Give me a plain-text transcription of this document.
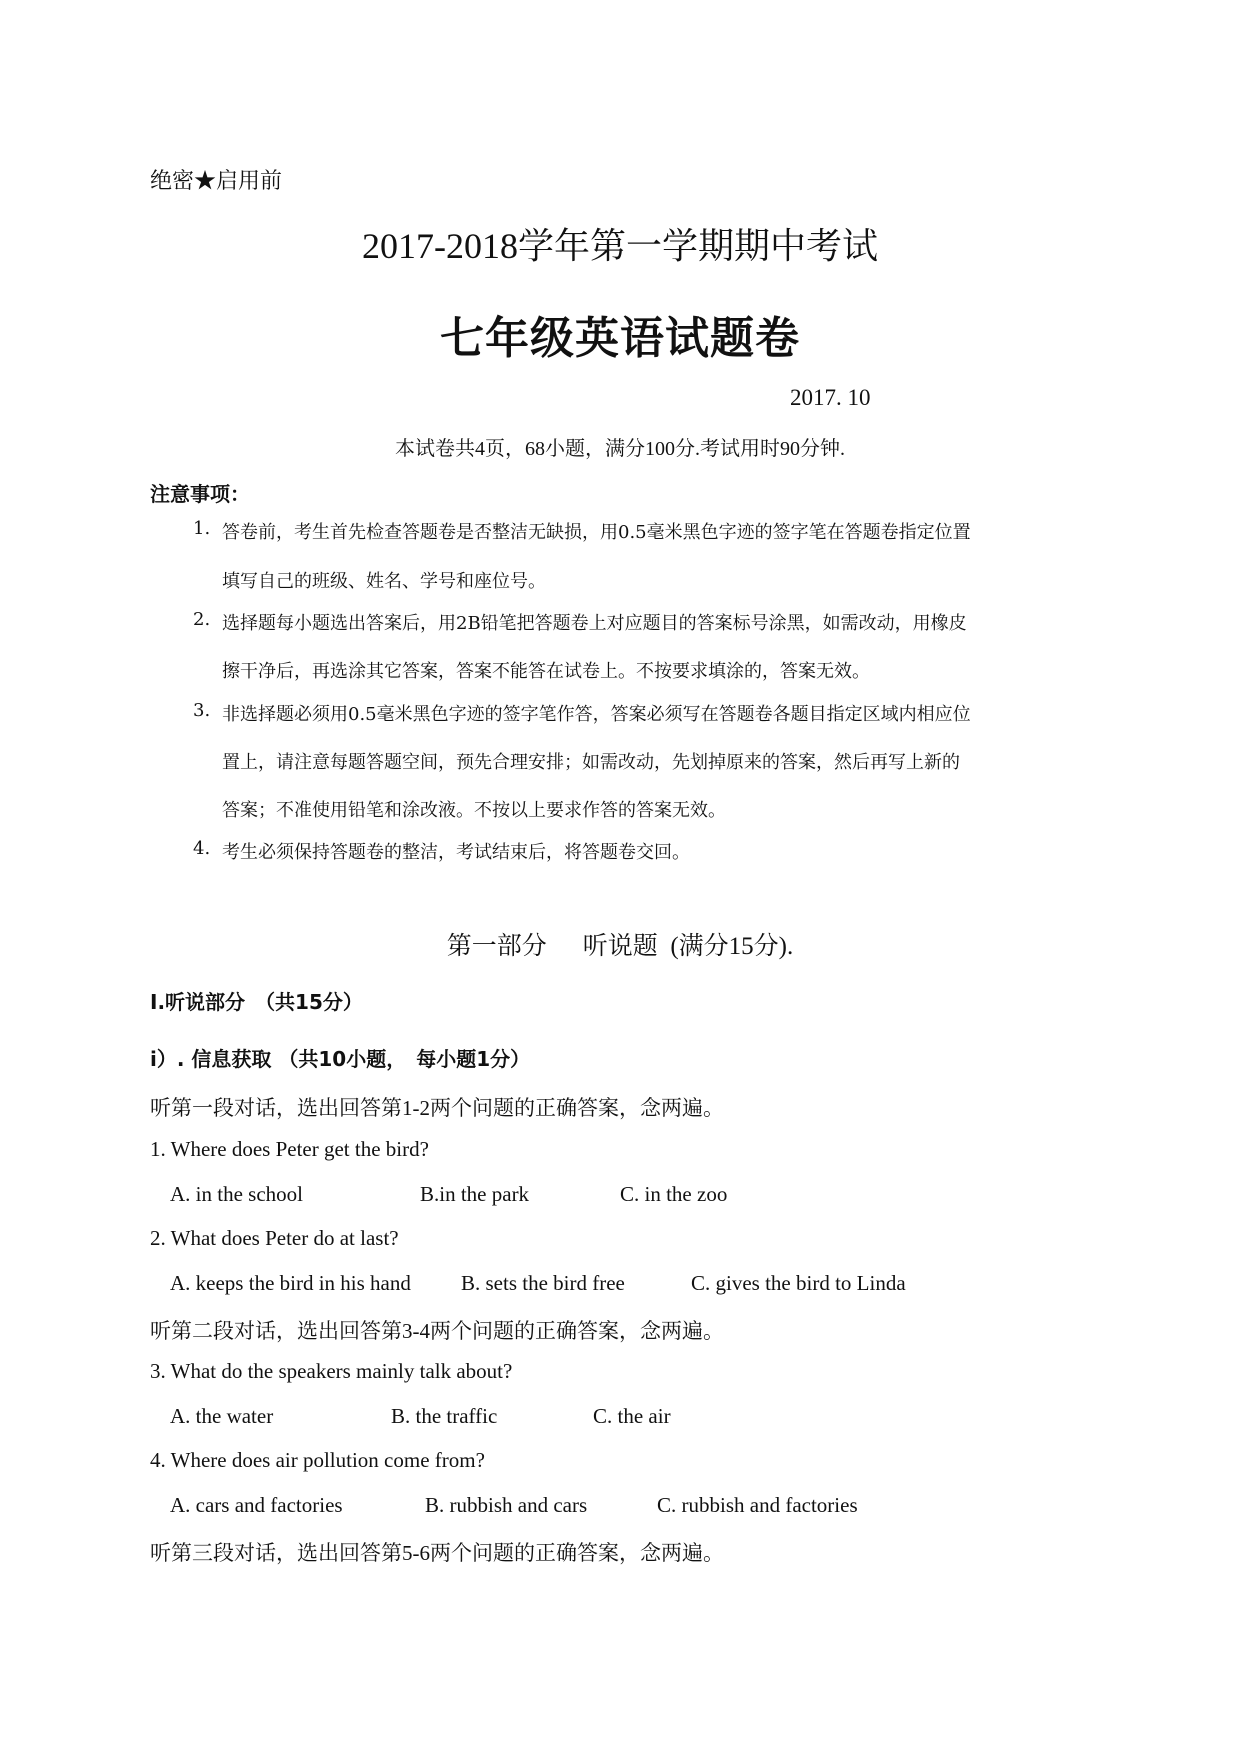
绝密★启用前
2017-2018学年第一学期期中考试
七年级英语试题卷
2017. 10
本试卷共4页，68小题，满分100分.考试用时90分钟.
注意事项：
1. 答卷前，考生首先检查答题卷是否整洁无缺损，用0.5毫米黑色字迹的签字笔在答题卷指定位置
填写自己的班级、姓名、学号和座位号。
2. 选择题每小题选出答案后，用2B铅笔把答题卷上对应题目的答案标号涂黑，如需改动，用橡皮
擦干净后，再选涂其它答案，答案不能答在试卷上。不按要求填涂的，答案无效。
3. 非选择题必须用0.5毫米黑色字迹的签字笔作答，答案必须写在答题卷各题目指定区域内相应位
置上，请注意每题答题空间，预先合理安排；如需改动，先划掉原来的答案，然后再写上新的
答案；不准使用铅笔和涂改液。不按以上要求作答的答案无效。
4. 考生必须保持答题卷的整洁，考试结束后，将答题卷交回。
第一部分 听说题 (满分15分).
I.听说部分　（共15分）
i）. 信息获取 （共10小题，　每小题1分）
听第一段对话，选出回答第1-2两个问题的正确答案，念两遍。
1. Where does Peter get the bird?
A. in the school	B.in the park	C. in the zoo
2. What does Peter do at last?
A. keeps the bird in his hand B. sets the bird free	C. gives the bird to Linda
听第二段对话，选出回答第3-4两个问题的正确答案，念两遍。
3. What do the speakers mainly talk about?
A. the water	B. the traffic	C. the air
4. Where does air pollution come from?
A. cars and factories	B. rubbish and cars	C. rubbish and factories
听第三段对话，选出回答第5-6两个问题的正确答案，念两遍。
